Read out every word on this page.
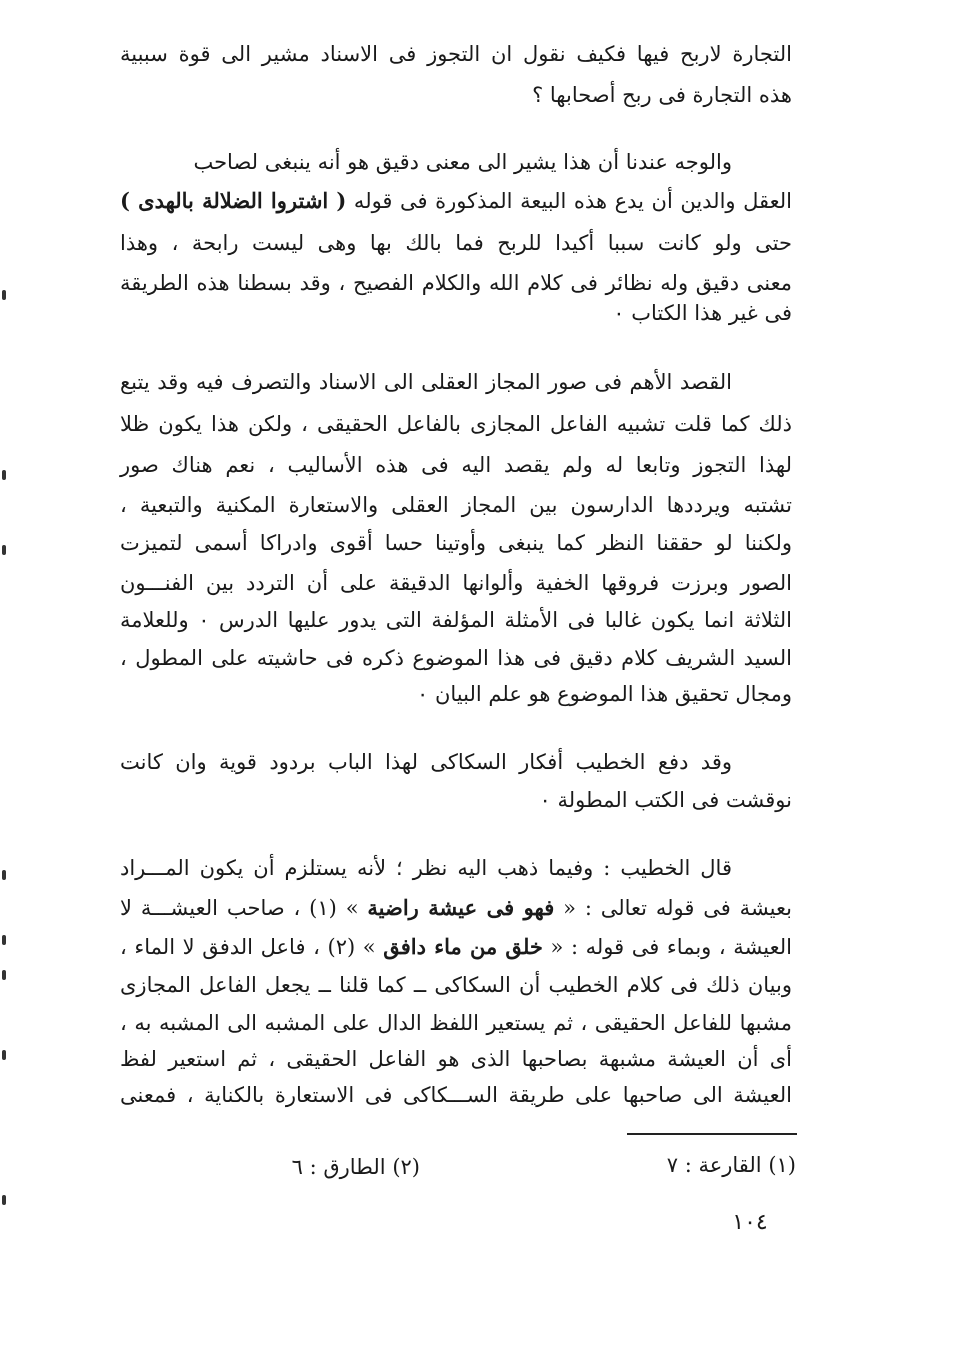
التجارة لاربح فيها فكيف نقول ان التجوز فى الاسناد مشير الى قوة سببية
هذه التجارة فى ربح أصحابها ؟
والوجه عندنا أن هذا يشير الى معنى دقيق هو أنه ينبغى لصاحب
العقل والدين أن يدع هذه البيعة المذكورة فى قوله ( اشتروا الضلالة بالهدى )
حتى ولو كانت سببا أكيدا للربح فما بالك بها وهى ليست رابحة ، وهذا
معنى دقيق وله نظائر فى كلام الله والكلام الفصيح ، وقد بسطنا هذه الطريقة
فى غير هذا الكتاب ٠
القصد الأهم فى صور المجاز العقلى الى الاسناد والتصرف فيه وقد يتبع
ذلك كما قلت تشبيه الفاعل المجازى بالفاعل الحقيقى ، ولكن هذا يكون ظلا
لهذا التجوز وتابعا له ولم يقصد اليه فى هذه الأساليب ، نعم هناك صور
تشتبه ويرددها الدارسون بين المجاز العقلى والاستعارة المكنية والتبعية ،
ولكننا لو حققنا النظر كما ينبغى وأوتينا حسا أقوى وادراكا أسمى لتميزت
الصور وبرزت فروقها الخفية وألوانها الدقيقة على أن التردد بين الفنـــون
الثلاثة انما يكون غالبا فى الأمثلة المؤلفة التى يدور عليها الدرس ٠ وللعلامة
السيد الشريف كلام دقيق فى هذا الموضوع ذكره فى حاشيته على المطول ،
ومجال تحقيق هذا الموضوع هو علم البيان ٠
وقد دفع الخطيب أفكار السكاكى لهذا الباب بردود قوية وان كانت
نوقشت فى الكتب المطولة ٠
قال الخطيب : وفيما ذهب اليه نظر ؛ لأنه يستلزم أن يكون المـــراد
بعيشة فى قوله تعالى : « فهو فى عيشة راضية » (١) ، صاحب العيشـــة لا
العيشة ، وبماء فى قوله : « خلق من ماء دافق » (٢) ، فاعل الدفق لا الماء ،
وبيان ذلك فى كلام الخطيب أن السكاكى ــ كما قلنا ــ يجعل الفاعل المجازى
مشبها للفاعل الحقيقى ، ثم يستعير اللفظ الدال على المشبه الى المشبه به ،
أى أن العيشة مشبهة بصاحبها الذى هو الفاعل الحقيقى ، ثم استعير لفظ
العيشة الى صاحبها على طريقة الســـكاكى فى الاستعارة بالكناية ، فمعنى
(١) القارعة : ٧
(٢) الطارق : ٦
١٠٤
